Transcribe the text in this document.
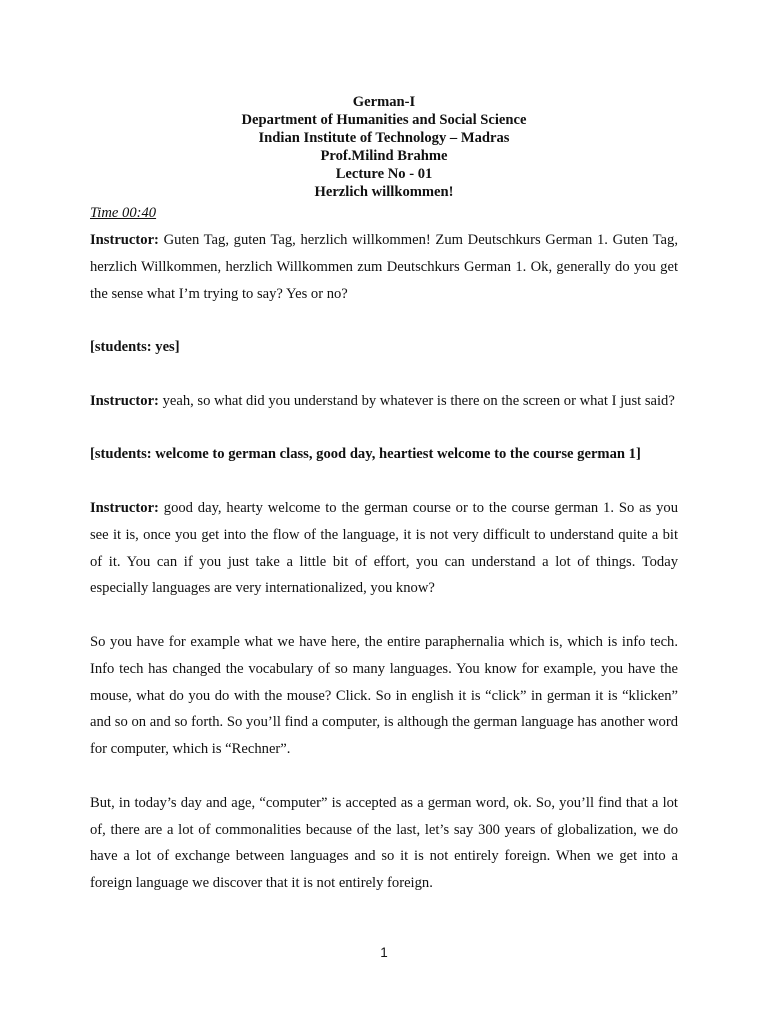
German-I
Department of Humanities and Social Science
Indian Institute of Technology – Madras
Prof.Milind Brahme
Lecture No - 01
Herzlich willkommen!
Time 00:40

Instructor: Guten Tag, guten Tag, herzlich willkommen! Zum Deutschkurs German 1. Guten Tag, herzlich Willkommen, herzlich Willkommen zum Deutschkurs German 1. Ok, generally do you get the sense what I’m trying to say? Yes or no?

[students: yes]

Instructor: yeah, so what did you understand by whatever is there on the screen or what I just said?

[students: welcome to german class, good day, heartiest welcome to the course german 1]

Instructor: good day, hearty welcome to the german course or to the course german 1. So as you see it is, once you get into the flow of the language, it is not very difficult to understand quite a bit of it. You can if you just take a little bit of effort, you can understand a lot of things. Today especially languages are very internationalized, you know?

So you have for example what we have here, the entire paraphernalia which is, which is info tech. Info tech has changed the vocabulary of so many languages. You know for example, you have the mouse, what do you do with the mouse? Click. So in english it is “click” in german it is “klicken” and so on and so forth. So you’ll find a computer, is although the german language has another word for computer, which is “Rechner”.

But, in today’s day and age, “computer” is accepted as a german word, ok. So, you’ll find that a lot of, there are a lot of commonalities because of the last, let’s say 300 years of globalization, we do have a lot of exchange between languages and so it is not entirely foreign. When we get into a foreign language we discover that it is not entirely foreign.

1
